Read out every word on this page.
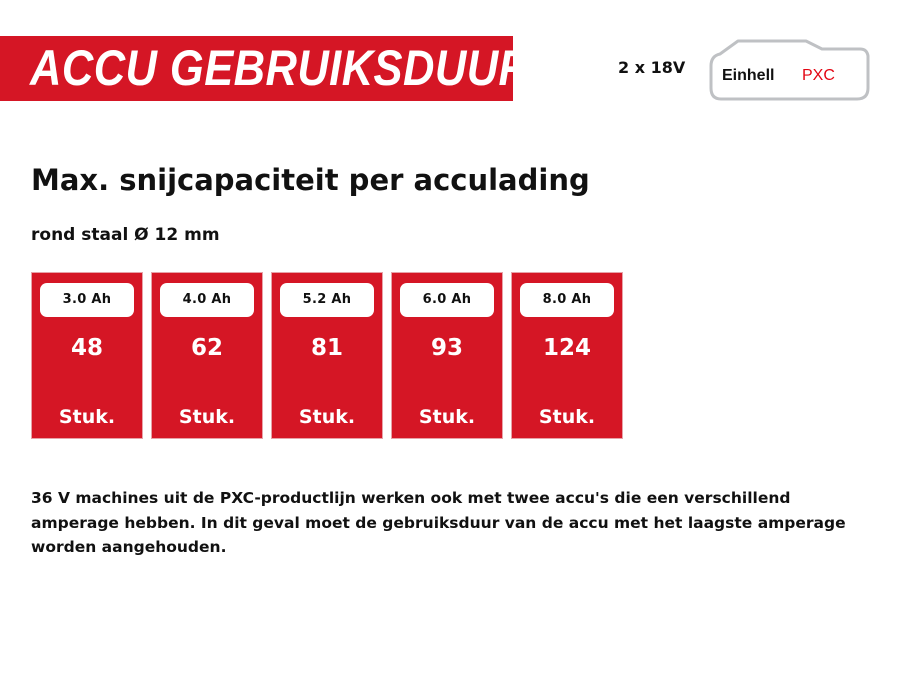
ACCU GEBRUIKSDUUR	2 x 18V Einhell PXC
Max. snijcapaciteit per acculading
rond staal Ø 12 mm
3.0 Ah
48
Stuk.
4.0 Ah
62
Stuk.
5.2 Ah
81
Stuk.
6.0 Ah
93
Stuk.
8.0 Ah
124
Stuk.

36 V machines uit de PXC-productlijn werken ook met twee accu's die een verschillend amperage hebben. In dit geval moet de gebruiksduur van de accu met het laagste amperage worden aangehouden.
